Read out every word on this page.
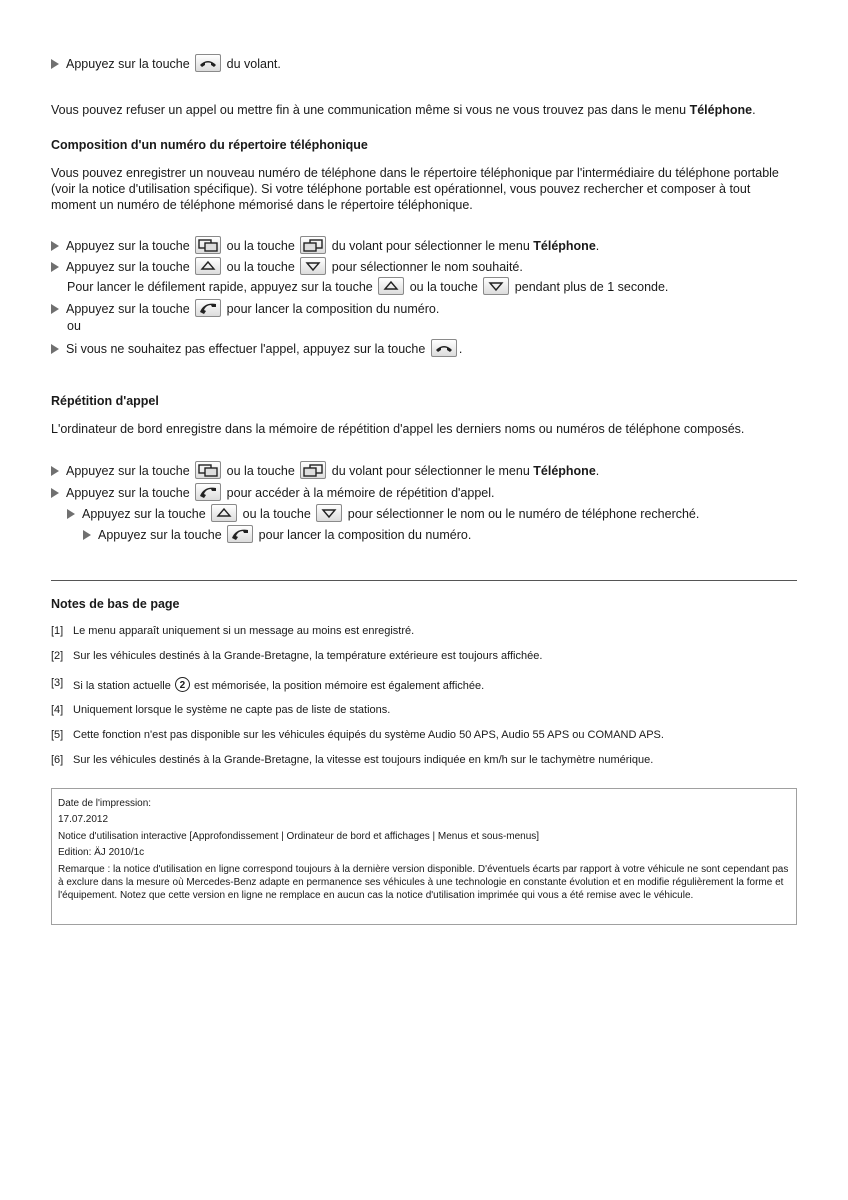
Appuyez sur la touche	du volant.
Vous pouvez refuser un appel ou mettre fin à une communication même si vous ne vous trouvez pas dans le menu Téléphone.
Composition d'un numéro du répertoire téléphonique
Vous pouvez enregistrer un nouveau numéro de téléphone dans le répertoire téléphonique par l'intermédiaire du téléphone portable (voir la notice d'utilisation spécifique). Si votre téléphone portable est opérationnel, vous pouvez rechercher et composer à tout moment un numéro de téléphone mémorisé dans le répertoire téléphonique.
Appuyez sur la touche	ou la touche	du volant pour sélectionner le menu Téléphone.
Appuyez sur la touche	ou la touche	pour sélectionner le nom souhaité.
Pour lancer le défilement rapide, appuyez sur la touche	ou la touche	pendant plus de 1 seconde.
Appuyez sur la touche	pour lancer la composition du numéro.
ou
Si vous ne souhaitez pas effectuer l'appel, appuyez sur la touche	.
Répétition d'appel
L'ordinateur de bord enregistre dans la mémoire de répétition d'appel les derniers noms ou numéros de téléphone composés.
Appuyez sur la touche	ou la touche	du volant pour sélectionner le menu Téléphone.
Appuyez sur la touche	pour accéder à la mémoire de répétition d'appel.
Appuyez sur la touche	ou la touche	pour sélectionner le nom ou le numéro de téléphone recherché.
Appuyez sur la touche	pour lancer la composition du numéro.
Notes de bas de page
[1] Le menu apparaît uniquement si un message au moins est enregistré.
[2] Sur les véhicules destinés à la Grande-Bretagne, la température extérieure est toujours affichée.
[3] Si la station actuelle 2 est mémorisée, la position mémoire est également affichée.
[4] Uniquement lorsque le système ne capte pas de liste de stations.
[5] Cette fonction n'est pas disponible sur les véhicules équipés du système Audio 50 APS, Audio 55 APS ou COMAND APS.
[6] Sur les véhicules destinés à la Grande-Bretagne, la vitesse est toujours indiquée en km/h sur le tachymètre numérique.
Date de l'impression:
17.07.2012
Notice d'utilisation interactive [Approfondissement | Ordinateur de bord et affichages | Menus et sous-menus]
Edition: ÄJ 2010/1c
Remarque : la notice d'utilisation en ligne correspond toujours à la dernière version disponible. D'éventuels écarts par rapport à votre véhicule ne sont cependant pas à exclure dans la mesure où Mercedes-Benz adapte en permanence ses véhicules à une technologie en constante évolution et en modifie régulièrement la forme et l'équipement. Notez que cette version en ligne ne remplace en aucun cas la notice d'utilisation imprimée qui vous a été remise avec le véhicule.
